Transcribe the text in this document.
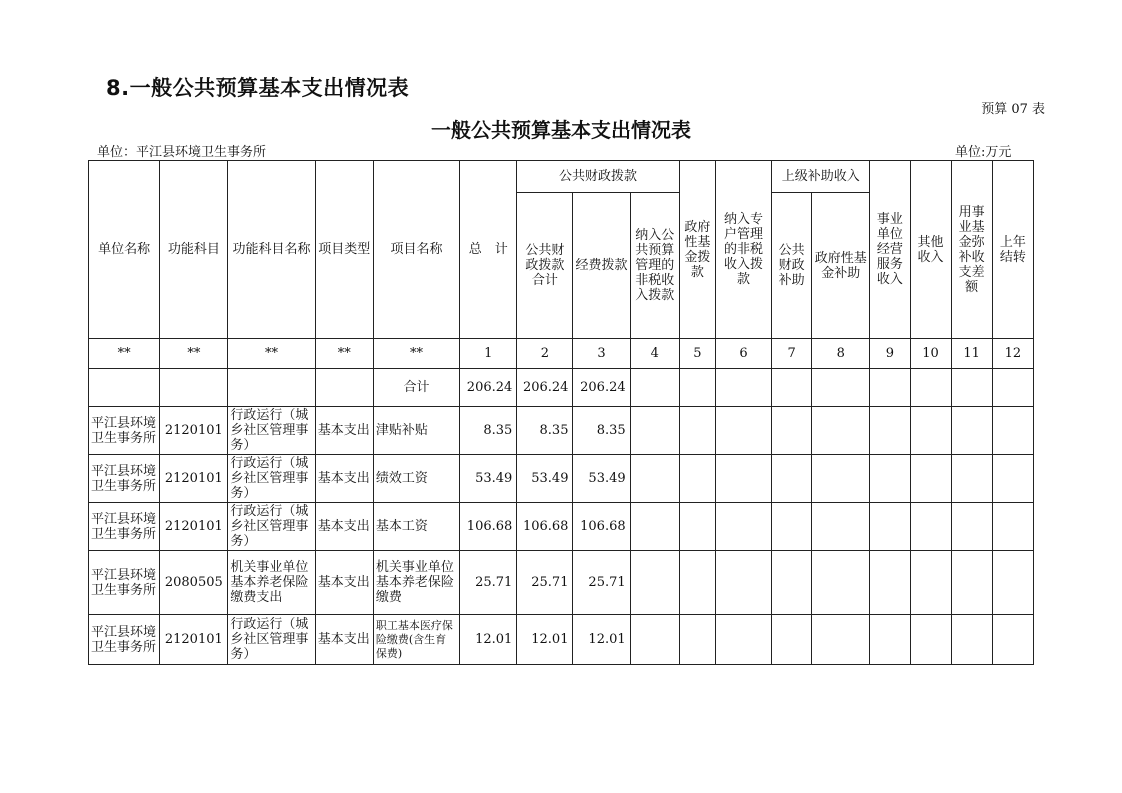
8.一般公共预算基本支出情况表
预算 07 表
一般公共预算基本支出情况表
单位：平江县环境卫生事务所	单位:万元
单位名称	功能科目	功能科目名称	项目类型	项目名称	总　计	公共财政拨款			政府性基金拨款	纳入专户管理的非税收入拨款	上级补助收入		事业单位经营服务收入	其他收入	用事业基金弥补收支差额	上年结转
						公共财政拨款合计	经费拨款	纳入公共预算管理的非税收入拨款			公共财政补助	政府性基金补助				
**	**	**	**	**	1	2	3	4	5	6	7	8	9	10	11	12
				合计	206.24	206.24	206.24									
平江县环境卫生事务所	2120101	行政运行（城乡社区管理事务）	基本支出	津贴补贴	8.35	8.35	8.35									
平江县环境卫生事务所	2120101	行政运行（城乡社区管理事务）	基本支出	绩效工资	53.49	53.49	53.49									
平江县环境卫生事务所	2120101	行政运行（城乡社区管理事务）	基本支出	基本工资	106.68	106.68	106.68									
平江县环境卫生事务所	2080505	机关事业单位基本养老保险缴费支出	基本支出	机关事业单位基本养老保险缴费	25.71	25.71	25.71									
平江县环境卫生事务所	2120101	行政运行（城乡社区管理事务）	基本支出	职工基本医疗保险缴费(含生育保费)	12.01	12.01	12.01									
